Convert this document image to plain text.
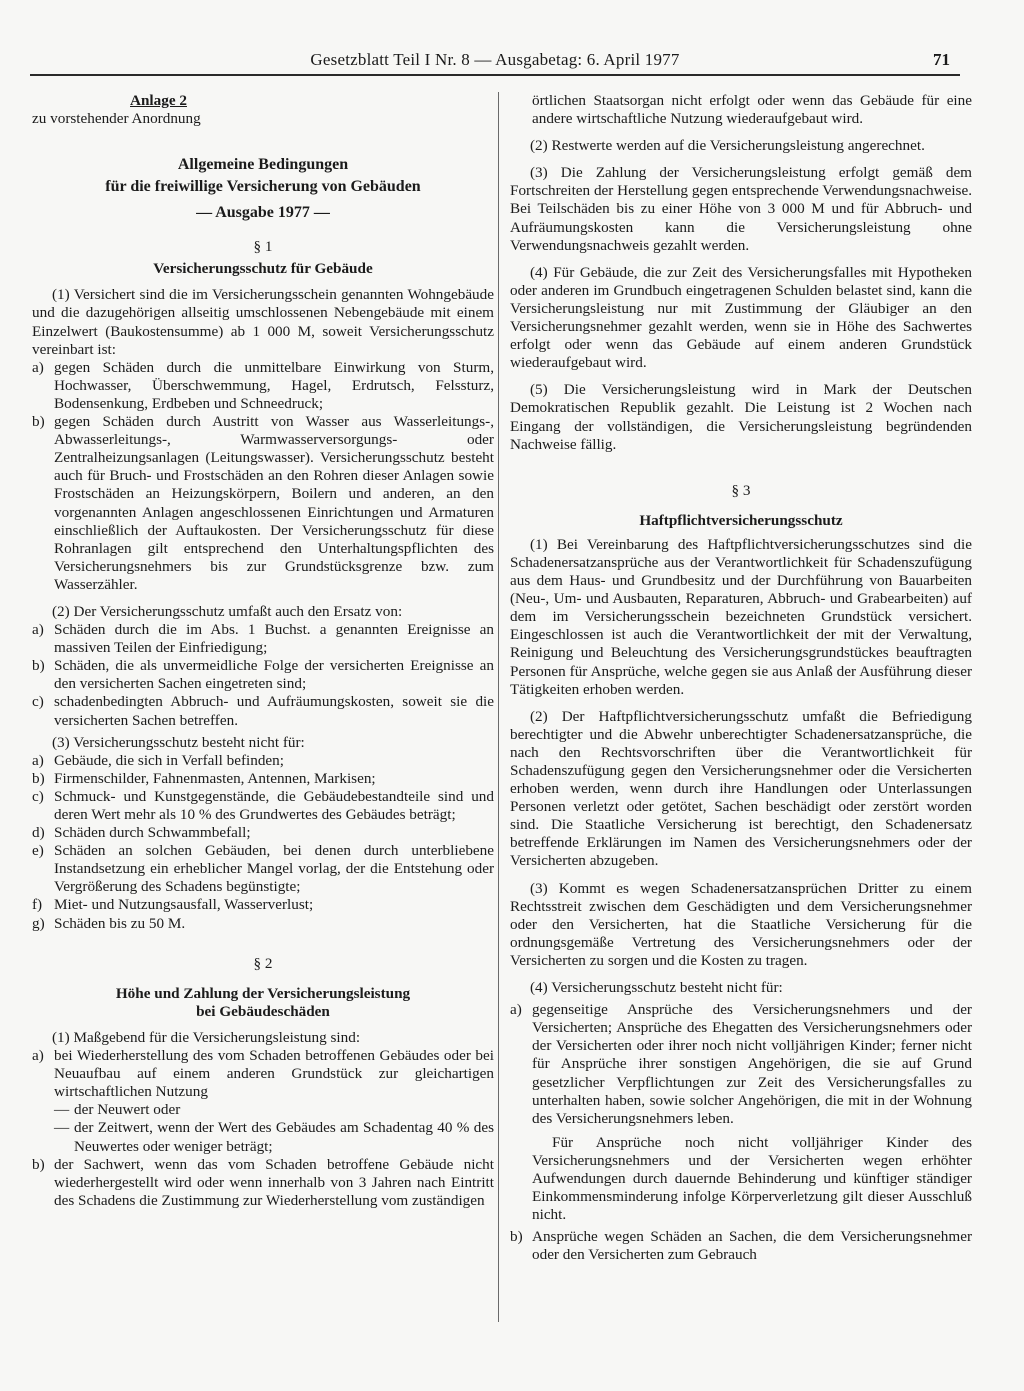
Gesetzblatt Teil I Nr. 8 — Ausgabetag: 6. April 1977	71

Anlage 2

zu vorstehender Anordnung

Allgemeine Bedingungen

für die freiwillige Versicherung von Gebäuden

— Ausgabe 1977 —

§ 1

Versicherungsschutz für Gebäude

(1) Versichert sind die im Versicherungsschein genannten Wohngebäude und die dazugehörigen allseitig umschlossenen Nebengebäude mit einem Einzelwert (Baukostensumme) ab 1 000 M, soweit Versicherungsschutz vereinbart ist:

a) gegen Schäden durch die unmittelbare Einwirkung von Sturm, Hochwasser, Überschwemmung, Hagel, Erdrutsch, Felssturz, Bodensenkung, Erdbeben und Schneedruck;
b) gegen Schäden durch Austritt von Wasser aus Wasserleitungs-, Abwasserleitungs-, Warmwasserversorgungs- oder Zentralheizungsanlagen (Leitungswasser). Versicherungsschutz besteht auch für Bruch- und Frostschäden an den Rohren dieser Anlagen sowie Frostschäden an Heizungskörpern, Boilern und anderen, an den vorgenannten Anlagen angeschlossenen Einrichtungen und Armaturen einschließlich der Auftaukosten. Der Versicherungsschutz für diese Rohranlagen gilt entsprechend den Unterhaltungspflichten des Versicherungsnehmers bis zur Grundstücksgrenze bzw. zum Wasserzähler.

(2) Der Versicherungsschutz umfaßt auch den Ersatz von:

a) Schäden durch die im Abs. 1 Buchst. a genannten Ereignisse an massiven Teilen der Einfriedigung;
b) Schäden, die als unvermeidliche Folge der versicherten Ereignisse an den versicherten Sachen eingetreten sind;
c) schadenbedingten Abbruch- und Aufräumungskosten, soweit sie die versicherten Sachen betreffen.

(3) Versicherungsschutz besteht nicht für:

a) Gebäude, die sich in Verfall befinden;
b) Firmenschilder, Fahnenmasten, Antennen, Markisen;
c) Schmuck- und Kunstgegenstände, die Gebäudebestandteile sind und deren Wert mehr als 10 % des Grundwertes des Gebäudes beträgt;
d) Schäden durch Schwammbefall;
e) Schäden an solchen Gebäuden, bei denen durch unterbliebene Instandsetzung ein erheblicher Mangel vorlag, der die Entstehung oder Vergrößerung des Schadens begünstigte;
f) Miet- und Nutzungsausfall, Wasserverlust;
g) Schäden bis zu 50 M.

§ 2

Höhe und Zahlung der Versicherungsleistung

bei Gebäudeschäden

(1) Maßgebend für die Versicherungsleistung sind:

a) bei Wiederherstellung des vom Schaden betroffenen Gebäudes oder bei Neuaufbau auf einem anderen Grundstück zur gleichartigen wirtschaftlichen Nutzung
— der Neuwert oder
— der Zeitwert, wenn der Wert des Gebäudes am Schadentag 40 % des Neuwertes oder weniger beträgt;
b) der Sachwert, wenn das vom Schaden betroffene Gebäude nicht wiederhergestellt wird oder wenn innerhalb von 3 Jahren nach Eintritt des Schadens die Zustimmung zur Wiederherstellung vom zuständigen

örtlichen Staatsorgan nicht erfolgt oder wenn das Gebäude für eine andere wirtschaftliche Nutzung wiederaufgebaut wird.

(2) Restwerte werden auf die Versicherungsleistung angerechnet.

(3) Die Zahlung der Versicherungsleistung erfolgt gemäß dem Fortschreiten der Herstellung gegen entsprechende Verwendungsnachweise. Bei Teilschäden bis zu einer Höhe von 3 000 M und für Abbruch- und Aufräumungskosten kann die Versicherungsleistung ohne Verwendungsnachweis gezahlt werden.

(4) Für Gebäude, die zur Zeit des Versicherungsfalles mit Hypotheken oder anderen im Grundbuch eingetragenen Schulden belastet sind, kann die Versicherungsleistung nur mit Zustimmung der Gläubiger an den Versicherungsnehmer gezahlt werden, wenn sie in Höhe des Sachwertes erfolgt oder wenn das Gebäude auf einem anderen Grundstück wiederaufgebaut wird.

(5) Die Versicherungsleistung wird in Mark der Deutschen Demokratischen Republik gezahlt. Die Leistung ist 2 Wochen nach Eingang der vollständigen, die Versicherungsleistung begründenden Nachweise fällig.

§ 3

Haftpflichtversicherungsschutz

(1) Bei Vereinbarung des Haftpflichtversicherungsschutzes sind die Schadenersatzansprüche aus der Verantwortlichkeit für Schadenszufügung aus dem Haus- und Grundbesitz und der Durchführung von Bauarbeiten (Neu-, Um- und Ausbauten, Reparaturen, Abbruch- und Grabearbeiten) auf dem im Versicherungsschein bezeichneten Grundstück versichert. Eingeschlossen ist auch die Verantwortlichkeit der mit der Verwaltung, Reinigung und Beleuchtung des Versicherungsgrundstückes beauftragten Personen für Ansprüche, welche gegen sie aus Anlaß der Ausführung dieser Tätigkeiten erhoben werden.

(2) Der Haftpflichtversicherungsschutz umfaßt die Befriedigung berechtigter und die Abwehr unberechtigter Schadenersatzansprüche, die nach den Rechtsvorschriften über die Verantwortlichkeit für Schadenszufügung gegen den Versicherungsnehmer oder die Versicherten erhoben werden, wenn durch ihre Handlungen oder Unterlassungen Personen verletzt oder getötet, Sachen beschädigt oder zerstört worden sind. Die Staatliche Versicherung ist berechtigt, den Schadenersatz betreffende Erklärungen im Namen des Versicherungsnehmers oder der Versicherten abzugeben.

(3) Kommt es wegen Schadenersatzansprüchen Dritter zu einem Rechtsstreit zwischen dem Geschädigten und dem Versicherungsnehmer oder den Versicherten, hat die Staatliche Versicherung für die ordnungsgemäße Vertretung des Versicherungsnehmers oder der Versicherten zu sorgen und die Kosten zu tragen.

(4) Versicherungsschutz besteht nicht für:

a) gegenseitige Ansprüche des Versicherungsnehmers und der Versicherten; Ansprüche des Ehegatten des Versicherungsnehmers oder der Versicherten oder ihrer noch nicht volljährigen Kinder; ferner nicht für Ansprüche ihrer sonstigen Angehörigen, die sie auf Grund gesetzlicher Verpflichtungen zur Zeit des Versicherungsfalles zu unterhalten haben, sowie solcher Angehörigen, die mit in der Wohnung des Versicherungsnehmers leben.

Für Ansprüche noch nicht volljähriger Kinder des Versicherungsnehmers und der Versicherten wegen erhöhter Aufwendungen durch dauernde Behinderung und künftiger ständiger Einkommensminderung infolge Körperverletzung gilt dieser Ausschluß nicht.

b) Ansprüche wegen Schäden an Sachen, die dem Versicherungsnehmer oder den Versicherten zum Gebrauch
